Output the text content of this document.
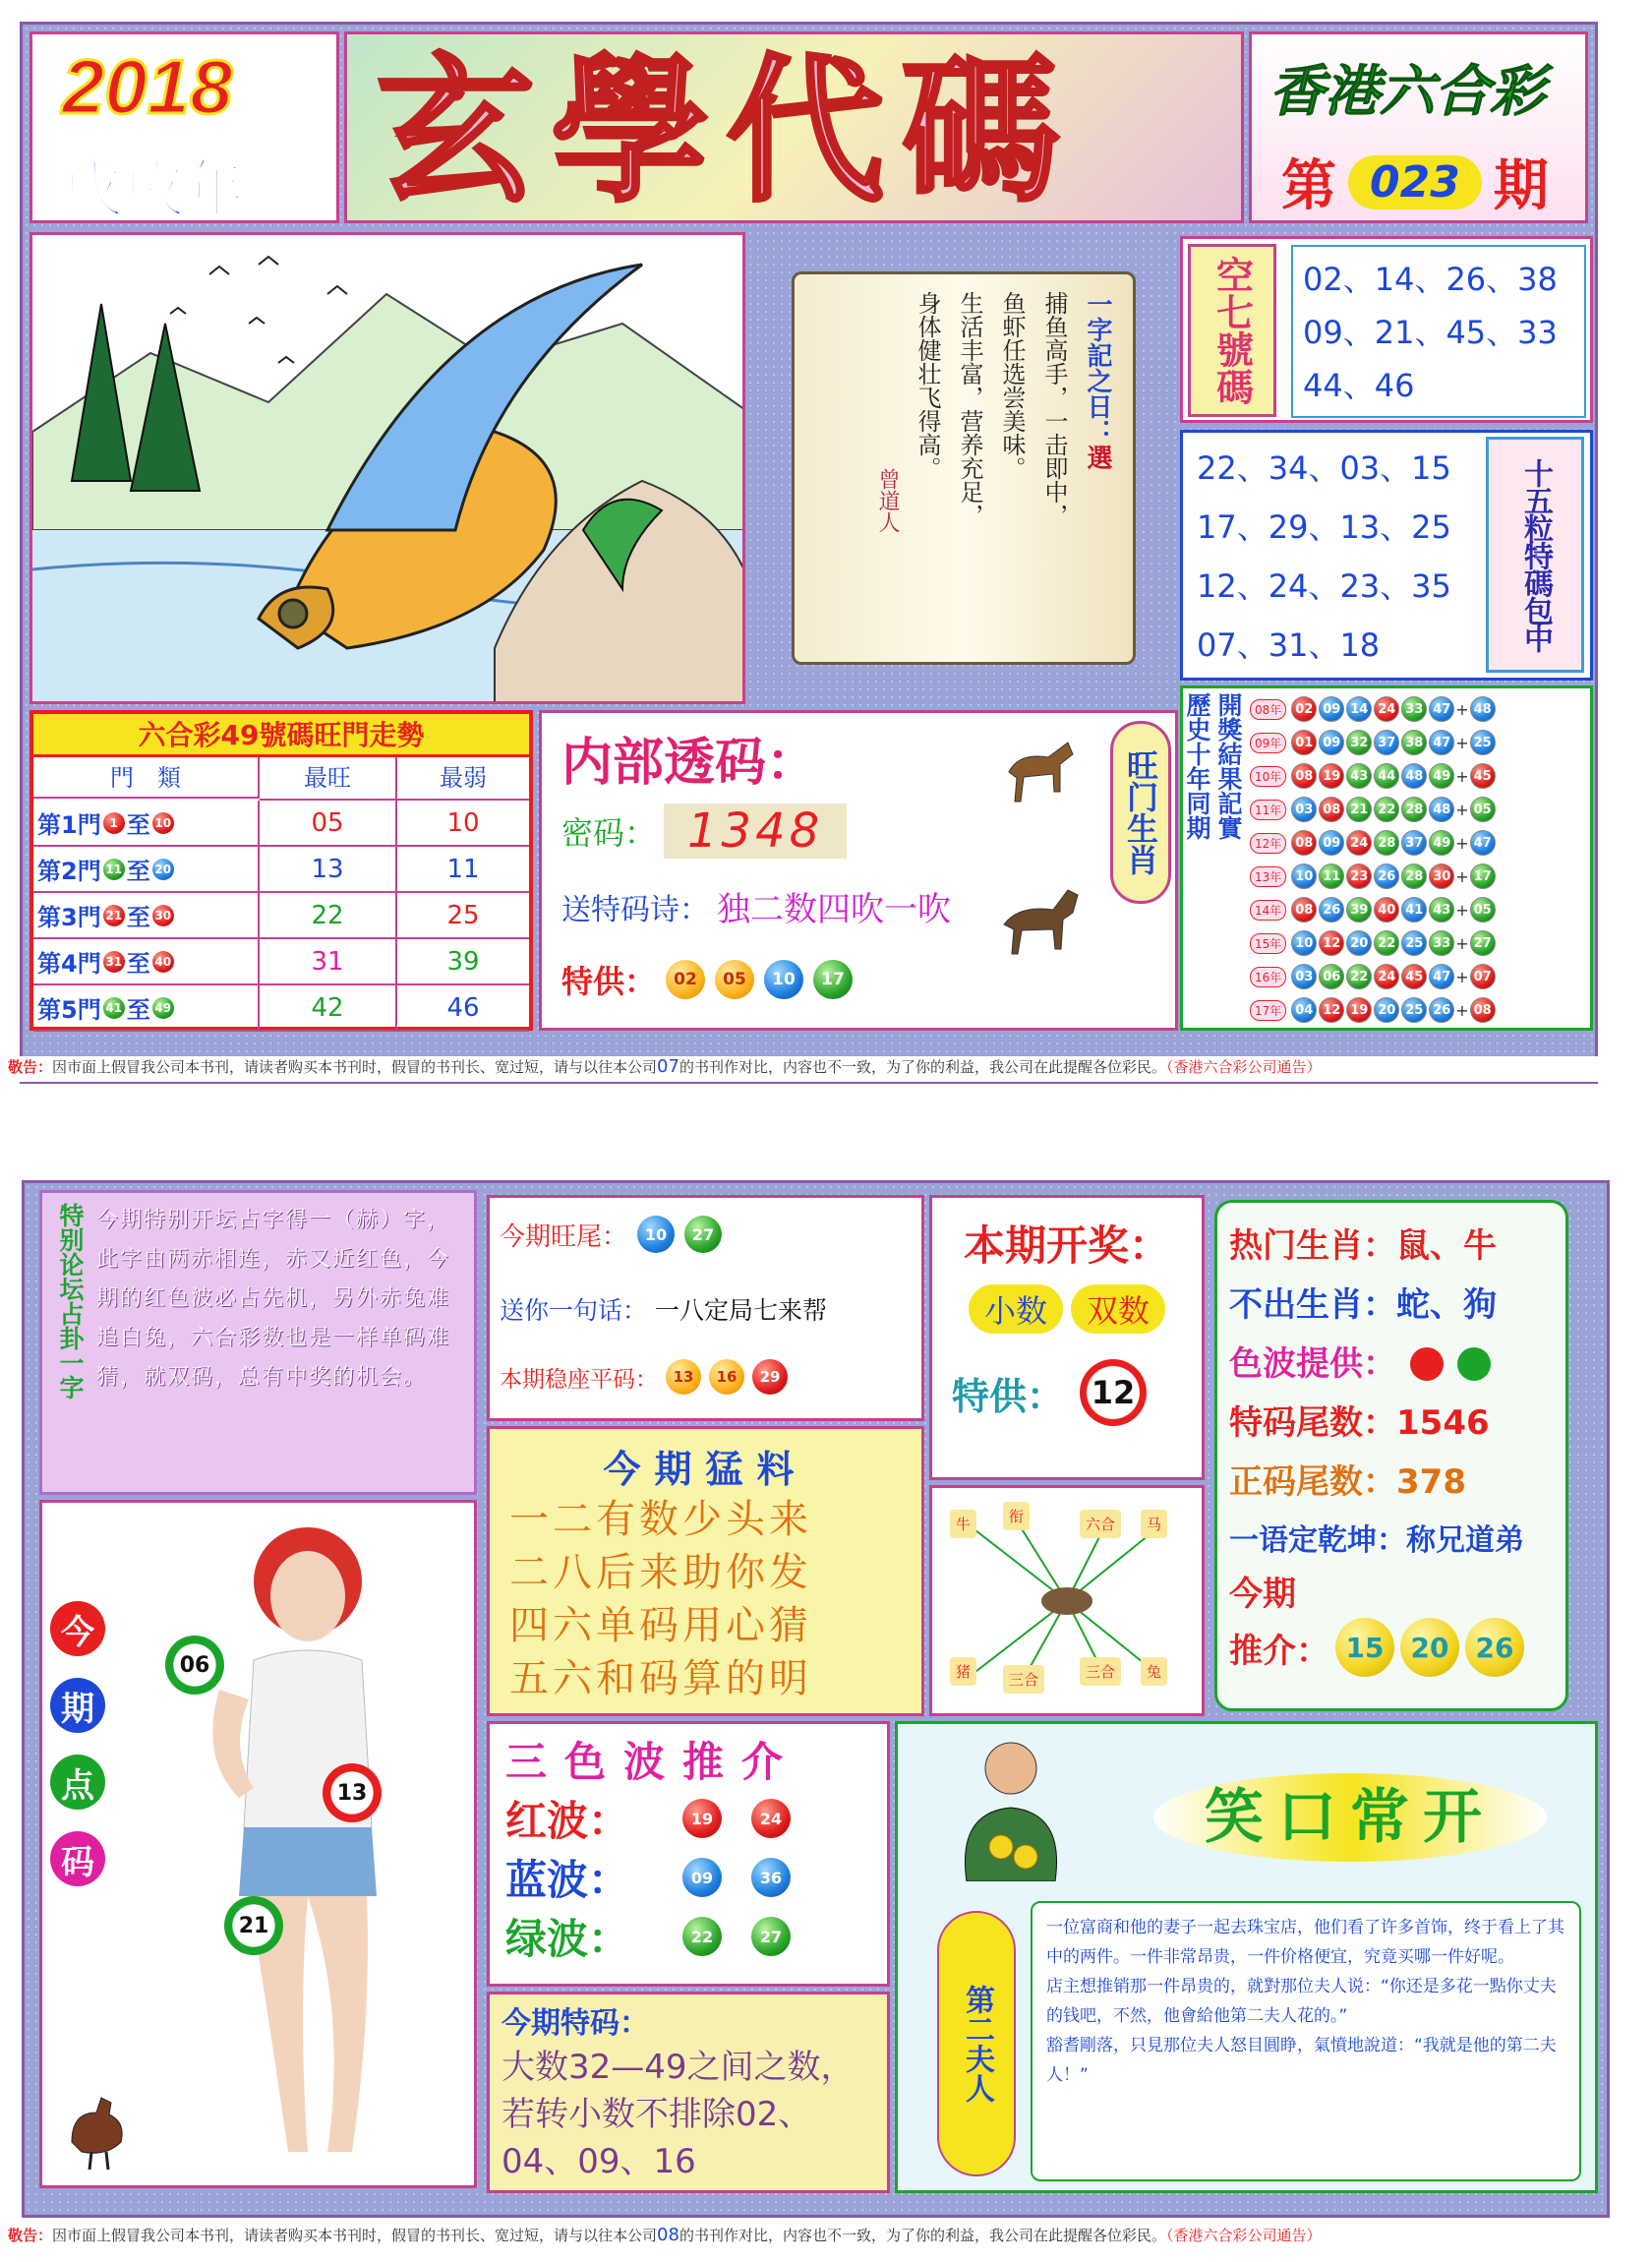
2018
戊戌年 玄學代碼	香港六合彩
第 023 期
一字記之日：選
捕鱼高手，一击即中，
鱼虾任选尝美味。
生活丰富，营养充足，
身体健壮飞得高。
曾道人
空七號碼	02、14、26、38
09、21、45、33
44、46
22、34、03、15
17、29、13、25
12、24、23、35
07、31、18	十五粒特碼包中
六合彩49號碼旺門走勢
門　類	最旺	最弱
第1門 1 至 10	05	10
第2門 11 至 20	13	11
第3門 21 至 30	22	25
第4門 31 至 40	31	39
第5門 41 至 49	42	46
内部透码：
密码： 1348
送特码诗： 独二数四吹一吹
特供：	02	05	10	17
旺门生肖 歷史十年同期 開獎結果記實	08年	02 09 14 24 33 47 + 48
09年	01 09 32 37 38 47 + 25
10年	08 19 43 44 48 49 + 45
11年	03 08 21 22 28 48 + 05
12年	08 09 24 28 37 49 + 47
13年	10 11 23 26 28 30 + 17
14年	08 26 39 40 41 43 + 05
15年	10 12 20 22 25 33 + 27
16年	03 06 22 24 45 47 + 07
17年	04 12 19 20 25 26 + 08
敬告：因市面上假冒我公司本书刊，请读者购买本书刊时，假冒的书刊长、宽过短，请与以往本公司07的书刊作对比，内容也不一致，为了你的利益，我公司在此提醒各位彩民。（香港六合彩公司通告）
特别论坛占卦一字 今期特别开坛占字得一（赫）字，此字由两赤相连，赤又近红色，今期的红色波必占先机，另外赤兔难追白兔，六合彩数也是一样单码难猜，就双码，总有中奖的机会。
今
期
点
码
06
13
21
今期旺尾：	10	27
送你一句话： 一八定局七来帮
本期稳座平码：	13	16	29
今期猛料
一二有数少头来
二八后来助你发
四六单码用心猜
五六和码算的明
三色波推介
红波：	19	24
蓝波：	09	36
绿波：	22	27
今期特码：
大数32—49之间之数，若转小数不排除02、04、09、16
本期开奖：
小数	双数
特供： 12
牛	衔	六合	马
猪	三合	三合	兔
热门生肖：鼠、牛
不出生肖：蛇、狗
色波提供：
特码尾数：1546
正码尾数：378
一语定乾坤：称兄道弟
今期
推介： 15 20 26
笑口常开
第二夫人
一位富商和他的妻子一起去珠宝店，他们看了许多首饰，终于看上了其中的两件。一件非常昂贵，一件价格便宜，究竟买哪一件好呢。
店主想推销那一件昂贵的，就對那位夫人说：“你还是多花一點你丈夫的钱吧，不然，他會給他第二夫人花的。”
豁耆剛落，只見那位夫人怒目圓睁，氣憤地說道：“我就是他的第二夫人！”
敬告：因市面上假冒我公司本书刊，请读者购买本书刊时，假冒的书刊长、宽过短，请与以往本公司08的书刊作对比，内容也不一致，为了你的利益，我公司在此提醒各位彩民。（香港六合彩公司通告）
